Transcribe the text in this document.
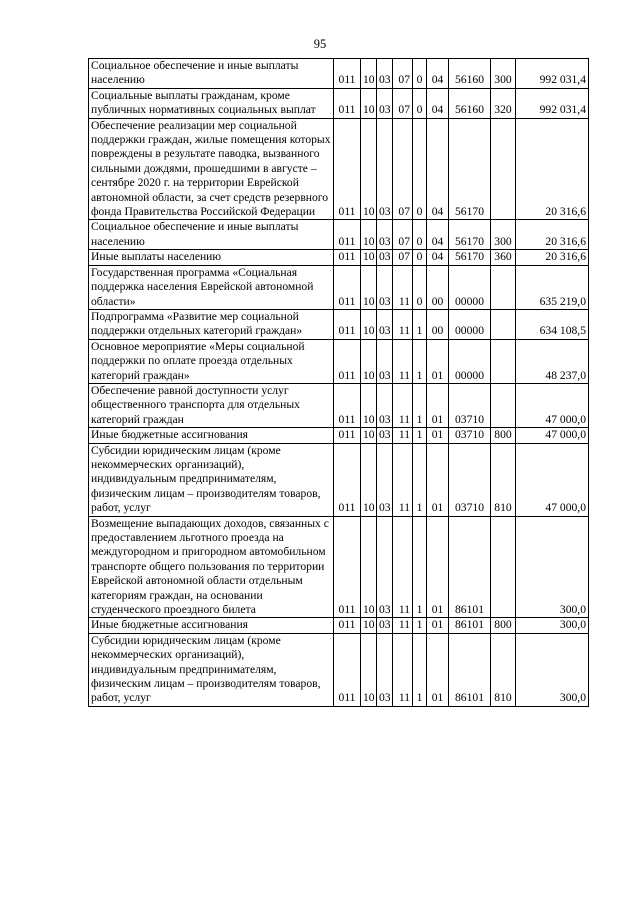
95
Социальное обеспечение и иные выплаты населению	011	10	03	07	0	04	56160	300	992 031,4
Социальные выплаты гражданам, кроме публичных нормативных социальных выплат	011	10	03	07	0	04	56160	320	992 031,4
Обеспечение реализации мер социальной поддержки граждан, жилые помещения которых повреждены в результате паводка, вызванного сильными дождями, прошедшими в августе – сентябре 2020 г. на территории Еврейской автономной области, за счет средств резервного фонда Правительства Российской Федерации	011	10	03	07	0	04	56170		20 316,6
Социальное обеспечение и иные выплаты населению	011	10	03	07	0	04	56170	300	20 316,6
Иные выплаты населению	011	10	03	07	0	04	56170	360	20 316,6
Государственная программа «Социальная поддержка населения Еврейской автономной области»	011	10	03	11	0	00	00000		635 219,0
Подпрограмма «Развитие мер социальной поддержки отдельных категорий граждан»	011	10	03	11	1	00	00000		634 108,5
Основное мероприятие «Меры социальной поддержки по оплате проезда отдельных категорий граждан»	011	10	03	11	1	01	00000		48 237,0
Обеспечение равной доступности услуг общественного транспорта для отдельных категорий граждан	011	10	03	11	1	01	03710		47 000,0
Иные бюджетные ассигнования	011	10	03	11	1	01	03710	800	47 000,0
Субсидии юридическим лицам (кроме некоммерческих организаций), индивидуальным предпринимателям, физическим лицам – производителям товаров, работ, услуг	011	10	03	11	1	01	03710	810	47 000,0
Возмещение выпадающих доходов, связанных с предоставлением льготного проезда на междугородном и пригородном автомобильном транспорте общего пользования по территории Еврейской автономной области отдельным категориям граждан, на основании студенческого проездного билета	011	10	03	11	1	01	86101		300,0
Иные бюджетные ассигнования	011	10	03	11	1	01	86101	800	300,0
Субсидии юридическим лицам (кроме некоммерческих организаций), индивидуальным предпринимателям, физическим лицам – производителям товаров, работ, услуг	011	10	03	11	1	01	86101	810	300,0
